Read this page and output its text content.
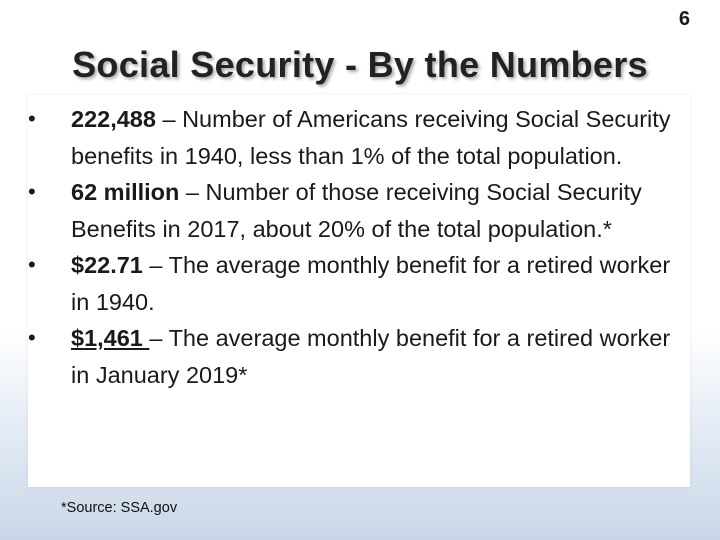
6
Social Security - By the Numbers
• 222,488 – Number of Americans receiving Social Security benefits in 1940, less than 1% of the total population.
• 62 million – Number of those receiving Social Security Benefits in 2017, about 20% of the total population.*
• $22.71 – The average monthly benefit for a retired worker in 1940.
• $1,461 – The average monthly benefit for a retired worker in January 2019*
*Source: SSA.gov
